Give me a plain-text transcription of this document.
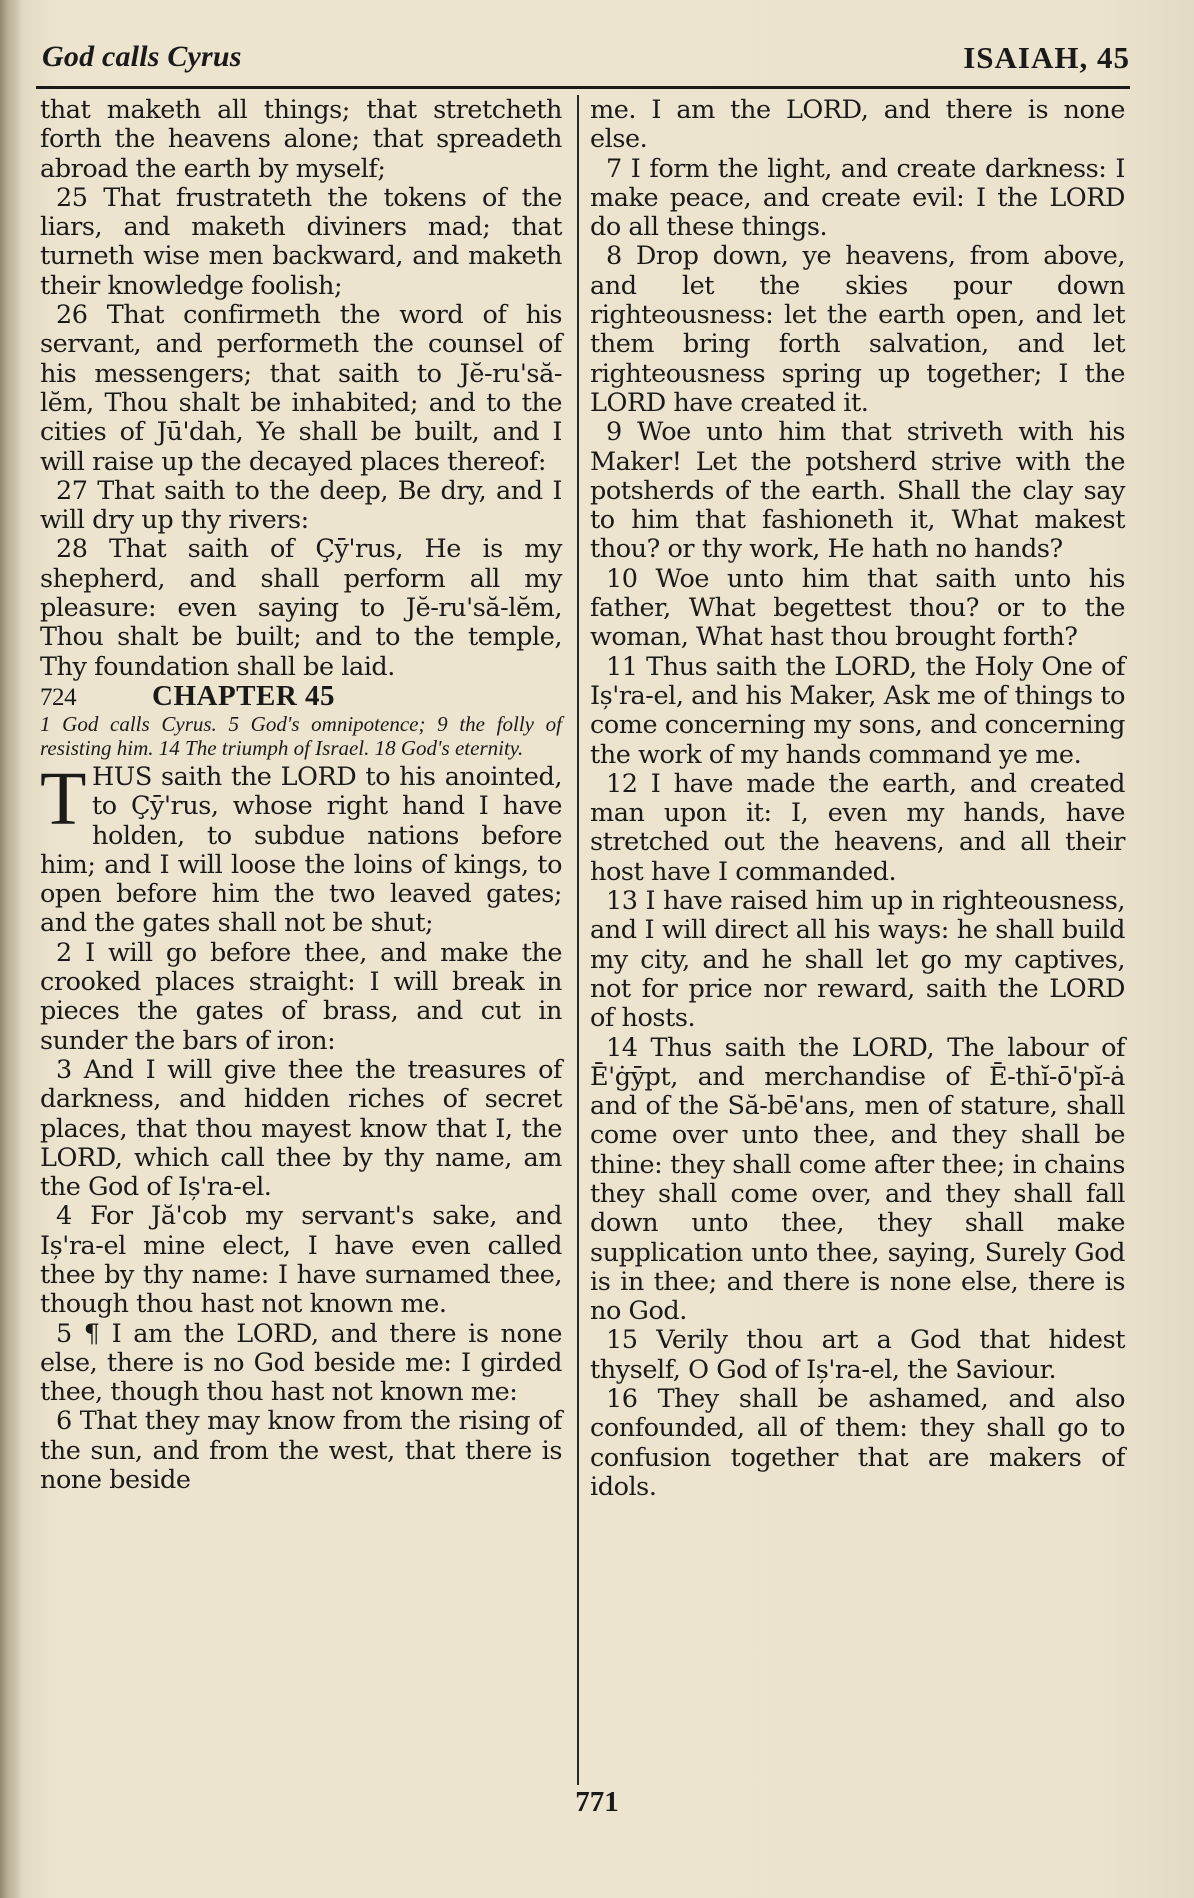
God calls Cyrus	ISAIAH, 45

that maketh all things; that stretcheth forth the heavens alone; that spreadeth abroad the earth by myself;

25 That frustrateth the tokens of the liars, and maketh diviners mad; that turneth wise men backward, and maketh their knowledge foolish;

26 That confirmeth the word of his servant, and performeth the counsel of his messengers; that saith to Jĕ-ru'să-lĕm, Thou shalt be inhabited; and to the cities of Jū'dah, Ye shall be built, and I will raise up the decayed places thereof:

27 That saith to the deep, Be dry, and I will dry up thy rivers:

28 That saith of Çȳ'rus, He is my shepherd, and shall perform all my pleasure: even saying to Jĕ-ru'să-lĕm, Thou shalt be built; and to the temple, Thy foundation shall be laid.

724	CHAPTER 45

1 God calls Cyrus. 5 God's omnipotence; 9 the folly of resisting him. 14 The triumph of Israel. 18 God's eternity.

T HUS saith the LORD to his anointed, to Çȳ'rus, whose right hand I have holden, to subdue nations before him; and I will loose the loins of kings, to open before him the two leaved gates; and the gates shall not be shut;

2 I will go before thee, and make the crooked places straight: I will break in pieces the gates of brass, and cut in sunder the bars of iron:

3 And I will give thee the treasures of darkness, and hidden riches of secret places, that thou mayest know that I, the LORD, which call thee by thy name, am the God of Iș'ra-el.

4 For Jă'cob my servant's sake, and Iș'ra-el mine elect, I have even called thee by thy name: I have surnamed thee, though thou hast not known me.

5 ¶ I am the LORD, and there is none else, there is no God beside me: I girded thee, though thou hast not known me:

6 That they may know from the rising of the sun, and from the west, that there is none beside

me. I am the LORD, and there is none else.

7 I form the light, and create darkness: I make peace, and create evil: I the LORD do all these things.

8 Drop down, ye heavens, from above, and let the skies pour down righteousness: let the earth open, and let them bring forth salvation, and let righteousness spring up together; I the LORD have created it.

9 Woe unto him that striveth with his Maker! Let the potsherd strive with the potsherds of the earth. Shall the clay say to him that fashioneth it, What makest thou? or thy work, He hath no hands?

10 Woe unto him that saith unto his father, What begettest thou? or to the woman, What hast thou brought forth?

11 Thus saith the LORD, the Holy One of Iș'ra-el, and his Maker, Ask me of things to come concerning my sons, and concerning the work of my hands command ye me.

12 I have made the earth, and created man upon it: I, even my hands, have stretched out the heavens, and all their host have I commanded.

13 I have raised him up in righteousness, and I will direct all his ways: he shall build my city, and he shall let go my captives, not for price nor reward, saith the LORD of hosts.

14 Thus saith the LORD, The labour of Ē'ġȳpt, and merchandise of Ē-thĭ-ō'pĭ-ȧ and of the Să-bē'ans, men of stature, shall come over unto thee, and they shall be thine: they shall come after thee; in chains they shall come over, and they shall fall down unto thee, they shall make supplication unto thee, saying, Surely God is in thee; and there is none else, there is no God.

15 Verily thou art a God that hidest thyself, O God of Iș'ra-el, the Saviour.

16 They shall be ashamed, and also confounded, all of them: they shall go to confusion together that are makers of idols.

771
